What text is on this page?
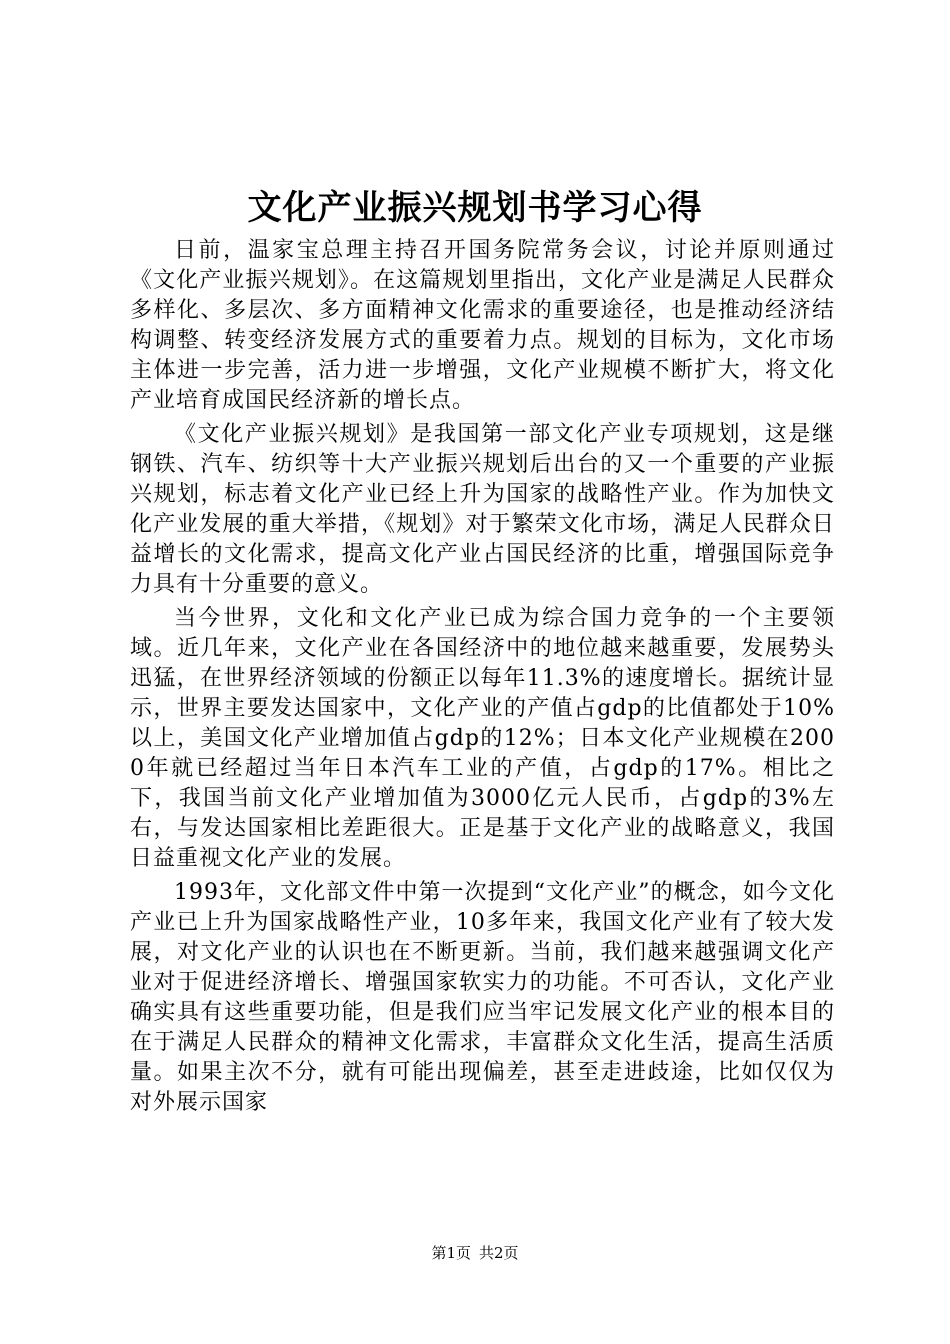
文化产业振兴规划书学习心得

日前，温家宝总理主持召开国务院常务会议，讨论并原则通过《文化产业振兴规划》。在这篇规划里指出，文化产业是满足人民群众多样化、多层次、多方面精神文化需求的重要途径，也是推动经济结构调整、转变经济发展方式的重要着力点。规划的目标为，文化市场主体进一步完善，活力进一步增强，文化产业规模不断扩大，将文化产业培育成国民经济新的增长点。

《文化产业振兴规划》是我国第一部文化产业专项规划，这是继钢铁、汽车、纺织等十大产业振兴规划后出台的又一个重要的产业振兴规划，标志着文化产业已经上升为国家的战略性产业。作为加快文化产业发展的重大举措，《规划》对于繁荣文化市场，满足人民群众日益增长的文化需求，提高文化产业占国民经济的比重，增强国际竞争力具有十分重要的意义。

当今世界，文化和文化产业已成为综合国力竞争的一个主要领域。近几年来，文化产业在各国经济中的地位越来越重要，发展势头迅猛，在世界经济领域的份额正以每年11.3%的速度增长。据统计显示，世界主要发达国家中，文化产业的产值占gdp的比值都处于10%以上，美国文化产业增加值占gdp的12%；日本文化产业规模在2000年就已经超过当年日本汽车工业的产值，占gdp的17%。相比之下，我国当前文化产业增加值为3000亿元人民币，占gdp的3%左右，与发达国家相比差距很大。正是基于文化产业的战略意义，我国日益重视文化产业的发展。

1993年，文化部文件中第一次提到“文化产业”的概念，如今文化产业已上升为国家战略性产业，10多年来，我国文化产业有了较大发展，对文化产业的认识也在不断更新。当前，我们越来越强调文化产业对于促进经济增长、增强国家软实力的功能。不可否认，文化产业确实具有这些重要功能，但是我们应当牢记发展文化产业的根本目的在于满足人民群众的精神文化需求，丰富群众文化生活，提高生活质量。如果主次不分，就有可能出现偏差，甚至走进歧途，比如仅仅为对外展示国家

第1页 共2页
